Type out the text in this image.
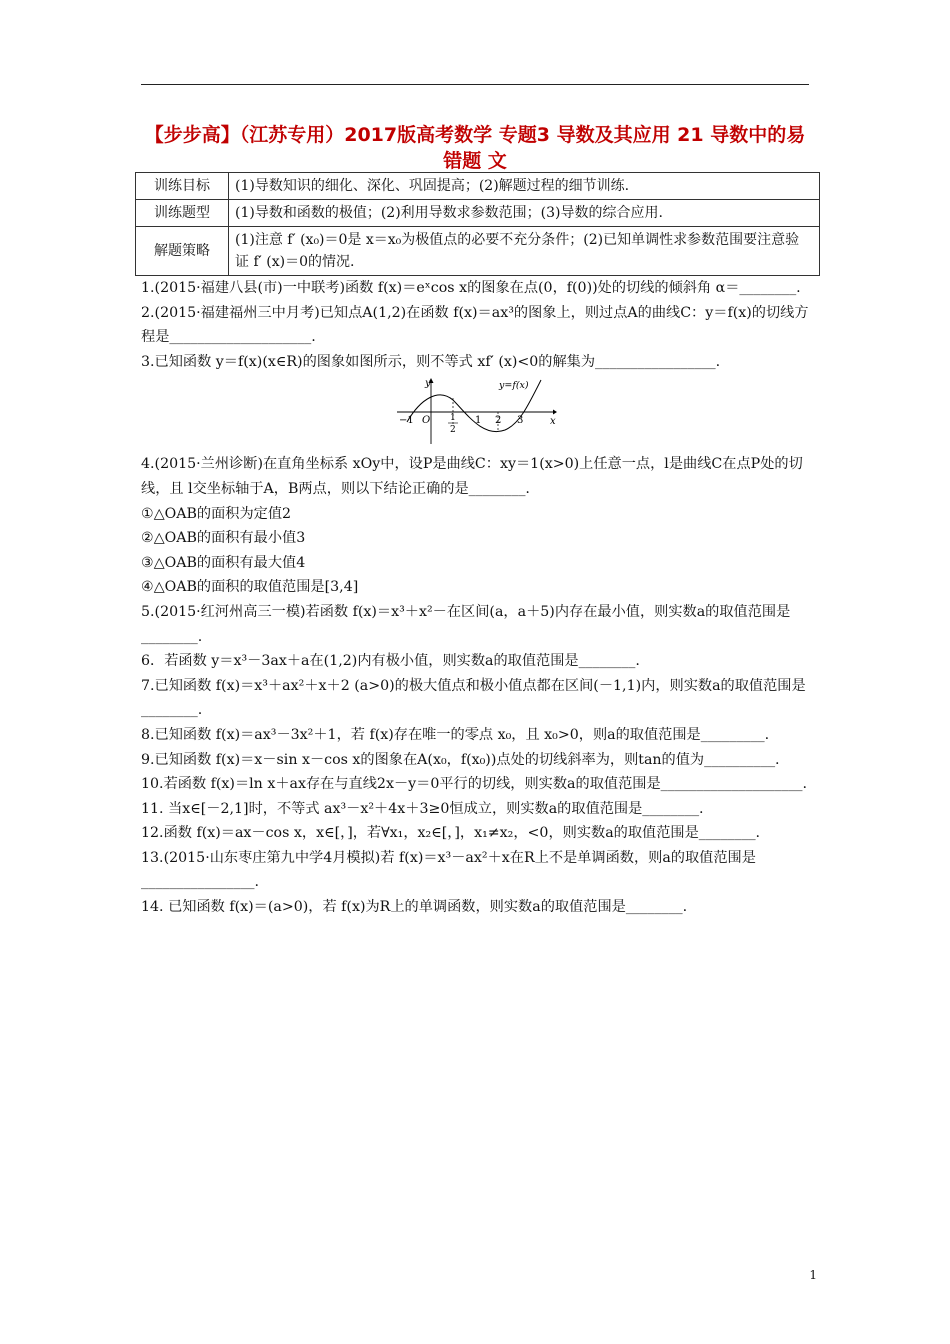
【步步高】（江苏专用）2017版高考数学 专题3 导数及其应用 21 导数中的易错题 文
训练目标	(1)导数知识的细化、深化、巩固提高；(2)解题过程的细节训练.
训练题型	(1)导数和函数的极值；(2)利用导数求参数范围；(3)导数的综合应用.
解题策略	(1)注意 f′ (x₀)＝0是 x＝x₀为极值点的必要不充分条件；(2)已知单调性求参数范围要注意验证 f′ (x)＝0的情况.

1.(2015·福建八县(市)一中联考)函数 f(x)＝eˣcos x的图象在点(0，f(0))处的切线的倾斜角 α＝________.

2.(2015·福建福州三中月考)已知点A(1,2)在函数 f(x)＝ax³的图象上，则过点A的曲线C：y＝f(x)的切线方程是____________________.

3.已知函数 y＝f(x)(x∈R)的图象如图所示，则不等式 xf′ (x)<0的解集为_________________.

y
x
y=f(x)
O
−1	1
2
1 2 3

4.(2015·兰州诊断)在直角坐标系 xOy中，设P是曲线C：xy＝1(x>0)上任意一点，l是曲线C在点P处的切线，且 l交坐标轴于A，B两点，则以下结论正确的是________.

①△OAB的面积为定值2

②△OAB的面积有最小值3

③△OAB的面积有最大值4

④△OAB的面积的取值范围是[3,4]

5.(2015·红河州高三一模)若函数 f(x)＝x³＋x²－在区间(a，a＋5)内存在最小值，则实数a的取值范围是________.

6．若函数 y＝x³－3ax＋a在(1,2)内有极小值，则实数a的取值范围是________.

7.已知函数 f(x)＝x³＋ax²＋x＋2 (a>0)的极大值点和极小值点都在区间(－1,1)内，则实数a的取值范围是________.

8.已知函数 f(x)＝ax³－3x²＋1，若 f(x)存在唯一的零点 x₀，且 x₀>0，则a的取值范围是_________.

9.已知函数 f(x)＝x－sin x－cos x的图象在A(x₀，f(x₀))点处的切线斜率为，则tan的值为__________.

10.若函数 f(x)＝ln x＋ax存在与直线2x－y＝0平行的切线，则实数a的取值范围是____________________.

11. 当x∈[－2,1]时，不等式 ax³－x²＋4x＋3≥0恒成立，则实数a的取值范围是________.

12.函数 f(x)＝ax－cos x，x∈[，]，若∀x₁，x₂∈[，]，x₁≠x₂，<0，则实数a的取值范围是________.

13.(2015·山东枣庄第九中学4月模拟)若 f(x)＝x³－ax²＋x在R上不是单调函数，则a的取值范围是________________.

14. 已知函数 f(x)＝(a>0)，若 f(x)为R上的单调函数，则实数a的取值范围是________.

1
